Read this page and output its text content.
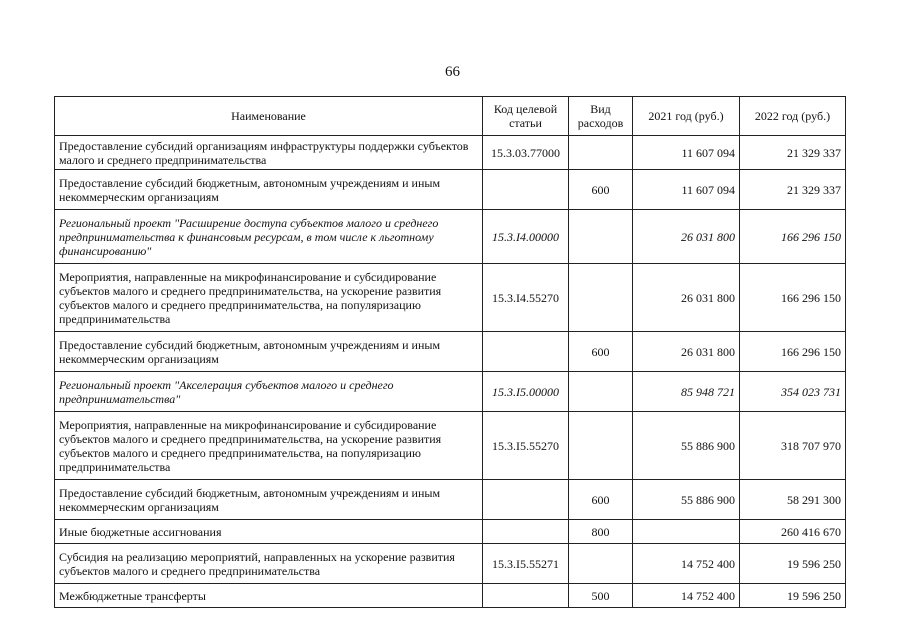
66
Наименование	Код целевой статьи	Вид расходов	2021 год (руб.)	2022 год (руб.)
Предоставление субсидий организациям инфраструктуры поддержки субъектов малого и среднего предпринимательства	15.3.03.77000		11 607 094	21 329 337
Предоставление субсидий бюджетным, автономным учреждениям и иным некоммерческим организациям		600	11 607 094	21 329 337
Региональный проект "Расширение доступа субъектов малого и среднего предпринимательства к финансовым ресурсам, в том числе к льготному финансированию"	15.3.I4.00000		26 031 800	166 296 150
Мероприятия, направленные на микрофинансирование и субсидирование субъектов малого и среднего предпринимательства, на ускорение развития субъектов малого и среднего предпринимательства, на популяризацию предпринимательства	15.3.I4.55270		26 031 800	166 296 150
Предоставление субсидий бюджетным, автономным учреждениям и иным некоммерческим организациям		600	26 031 800	166 296 150
Региональный проект "Акселерация субъектов малого и среднего предпринимательства"	15.3.I5.00000		85 948 721	354 023 731
Мероприятия, направленные на микрофинансирование и субсидирование субъектов малого и среднего предпринимательства, на ускорение развития субъектов малого и среднего предпринимательства, на популяризацию предпринимательства	15.3.I5.55270		55 886 900	318 707 970
Предоставление субсидий бюджетным, автономным учреждениям и иным некоммерческим организациям		600	55 886 900	58 291 300
Иные бюджетные ассигнования		800		260 416 670
Субсидия на реализацию мероприятий, направленных на ускорение развития субъектов малого и среднего предпринимательства	15.3.I5.55271		14 752 400	19 596 250
Межбюджетные трансферты		500	14 752 400	19 596 250
